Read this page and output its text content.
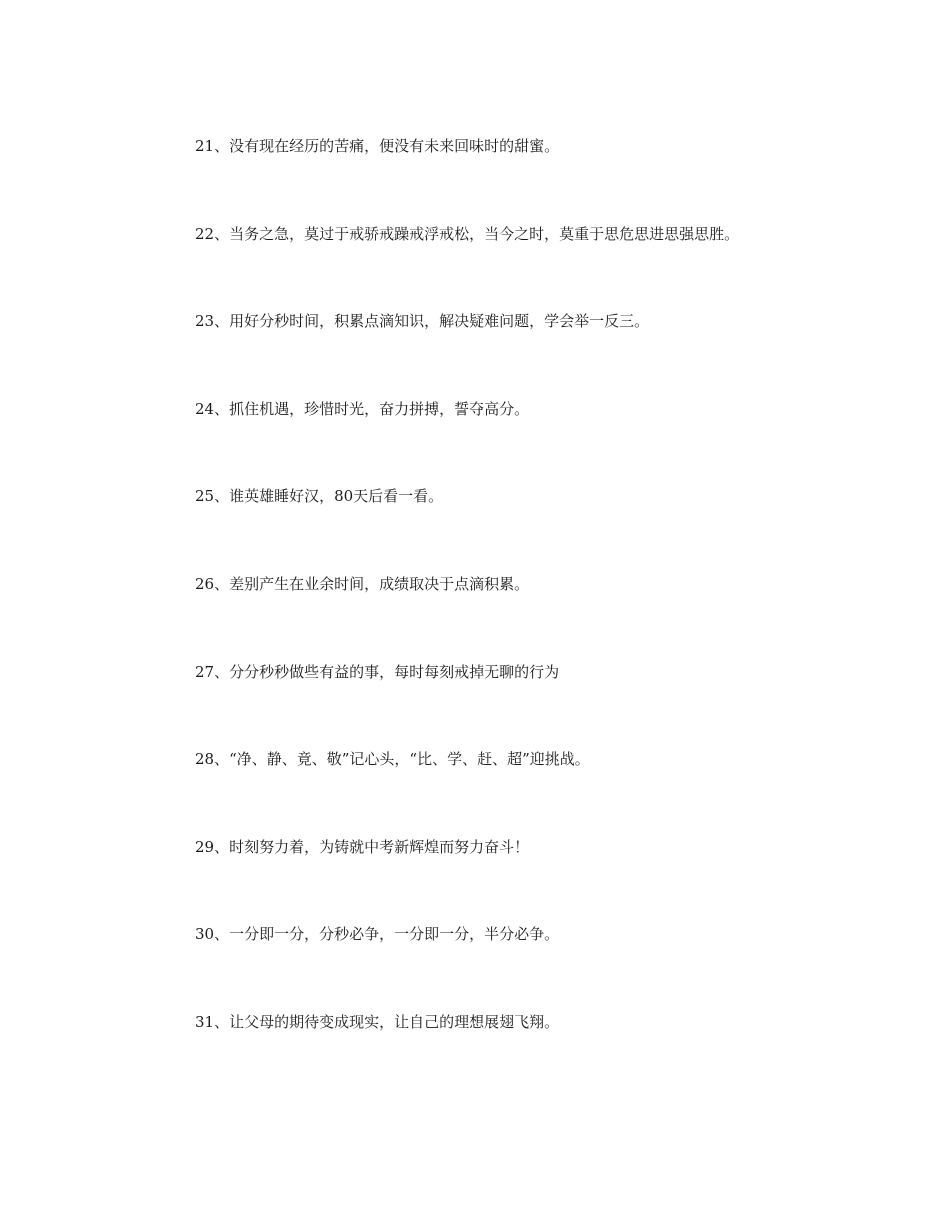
21、没有现在经历的苦痛，便没有未来回味时的甜蜜。
22、当务之急，莫过于戒骄戒躁戒浮戒松，当今之时，莫重于思危思进思强思胜。
23、用好分秒时间，积累点滴知识，解决疑难问题，学会举一反三。
24、抓住机遇，珍惜时光，奋力拼搏，誓夺高分。
25、谁英雄睡好汉，80天后看一看。
26、差别产生在业余时间，成绩取决于点滴积累。
27、分分秒秒做些有益的事，每时每刻戒掉无聊的行为
28、“净、静、竟、敬”记心头，“比、学、赶、超”迎挑战。
29、时刻努力着，为铸就中考新辉煌而努力奋斗！
30、一分即一分，分秒必争，一分即一分，半分必争。
31、让父母的期待变成现实，让自己的理想展翅飞翔。
